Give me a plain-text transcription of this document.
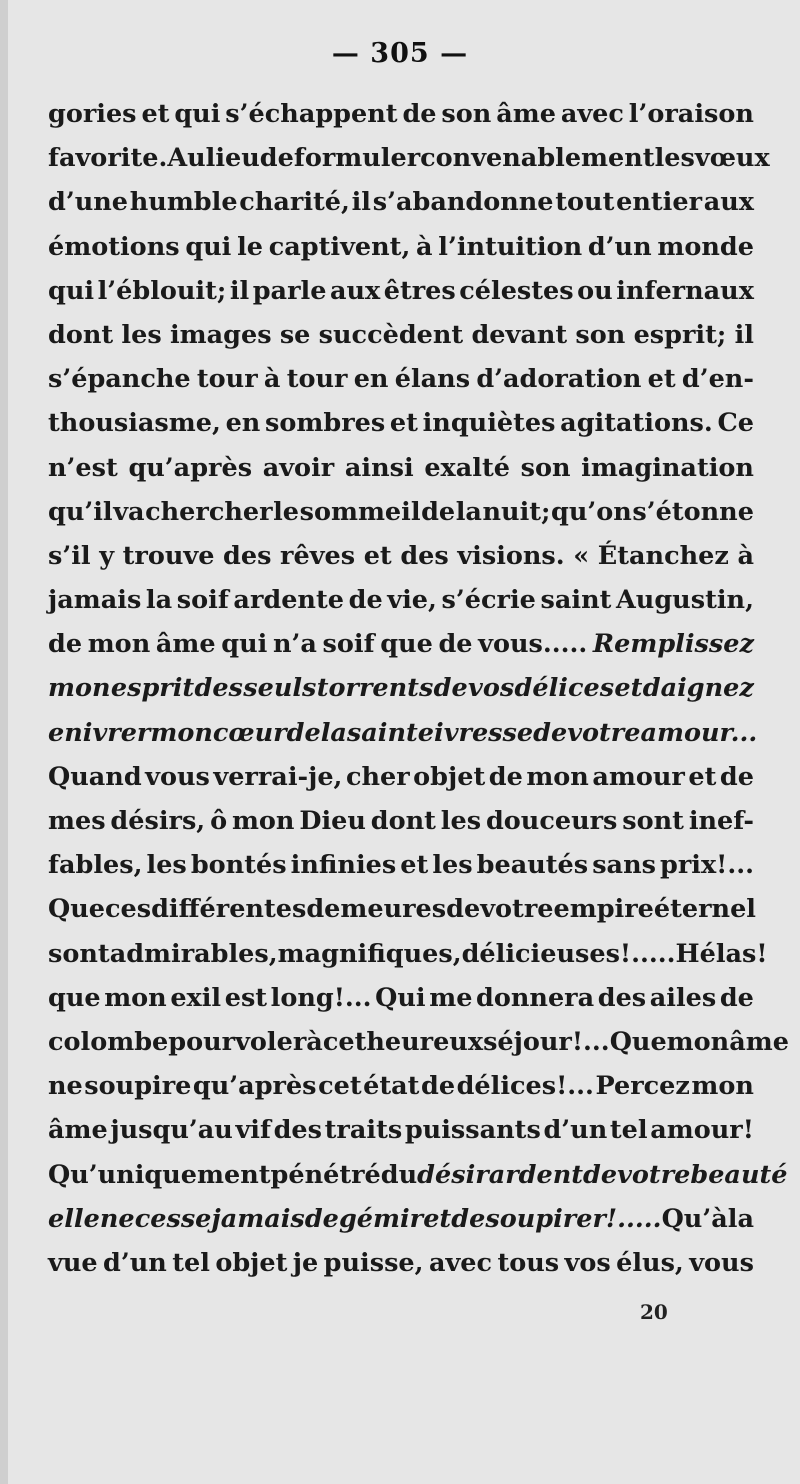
— 305 —
gories et qui s’échappent de son âme avec l’oraison
favorite. Au lieu de formuler convenablement les vœux
d’une humble charité, il s’abandonne tout entier aux
émotions qui le captivent, à l’intuition d’un monde
qui l’éblouit; il parle aux êtres célestes ou infernaux
dont les images se succèdent devant son esprit; il
s’épanche tour à tour en élans d’adoration et d’en-
thousiasme, en sombres et inquiètes agitations. Ce
n’est qu’après avoir ainsi exalté son imagination
qu’il va chercher le sommeil de la nuit; qu’on s’étonne
s’il y trouve des rêves et des visions. « Étanchez à
jamais la soif ardente de vie, s’écrie saint Augustin,
de mon âme qui n’a soif que de vous..... Remplissez
mon esprit des seuls torrents de vos délices et daignez
enivrer mon cœur de la sainte ivresse de votre amour...
Quand vous verrai-je, cher objet de mon amour et de
mes désirs, ô mon Dieu dont les douceurs sont inef-
fables, les bontés infinies et les beautés sans prix!...
Que ces différentes demeures de votre empire éternel
sont admirables, magnifiques, délicieuses!..... Hélas!
que mon exil est long!... Qui me donnera des ailes de
colombe pour voler à cet heureux séjour!... Que mon âme
ne soupire qu’après cet état de délices!... Percez mon
âme jusqu’au vif des traits puissants d’un tel amour!
Qu’uniquement pénétré du désir ardent de votre beauté
elle ne cesse jamais de gémir et de soupirer!..... Qu’à la
vue d’un tel objet je puisse, avec tous vos élus, vous
20
